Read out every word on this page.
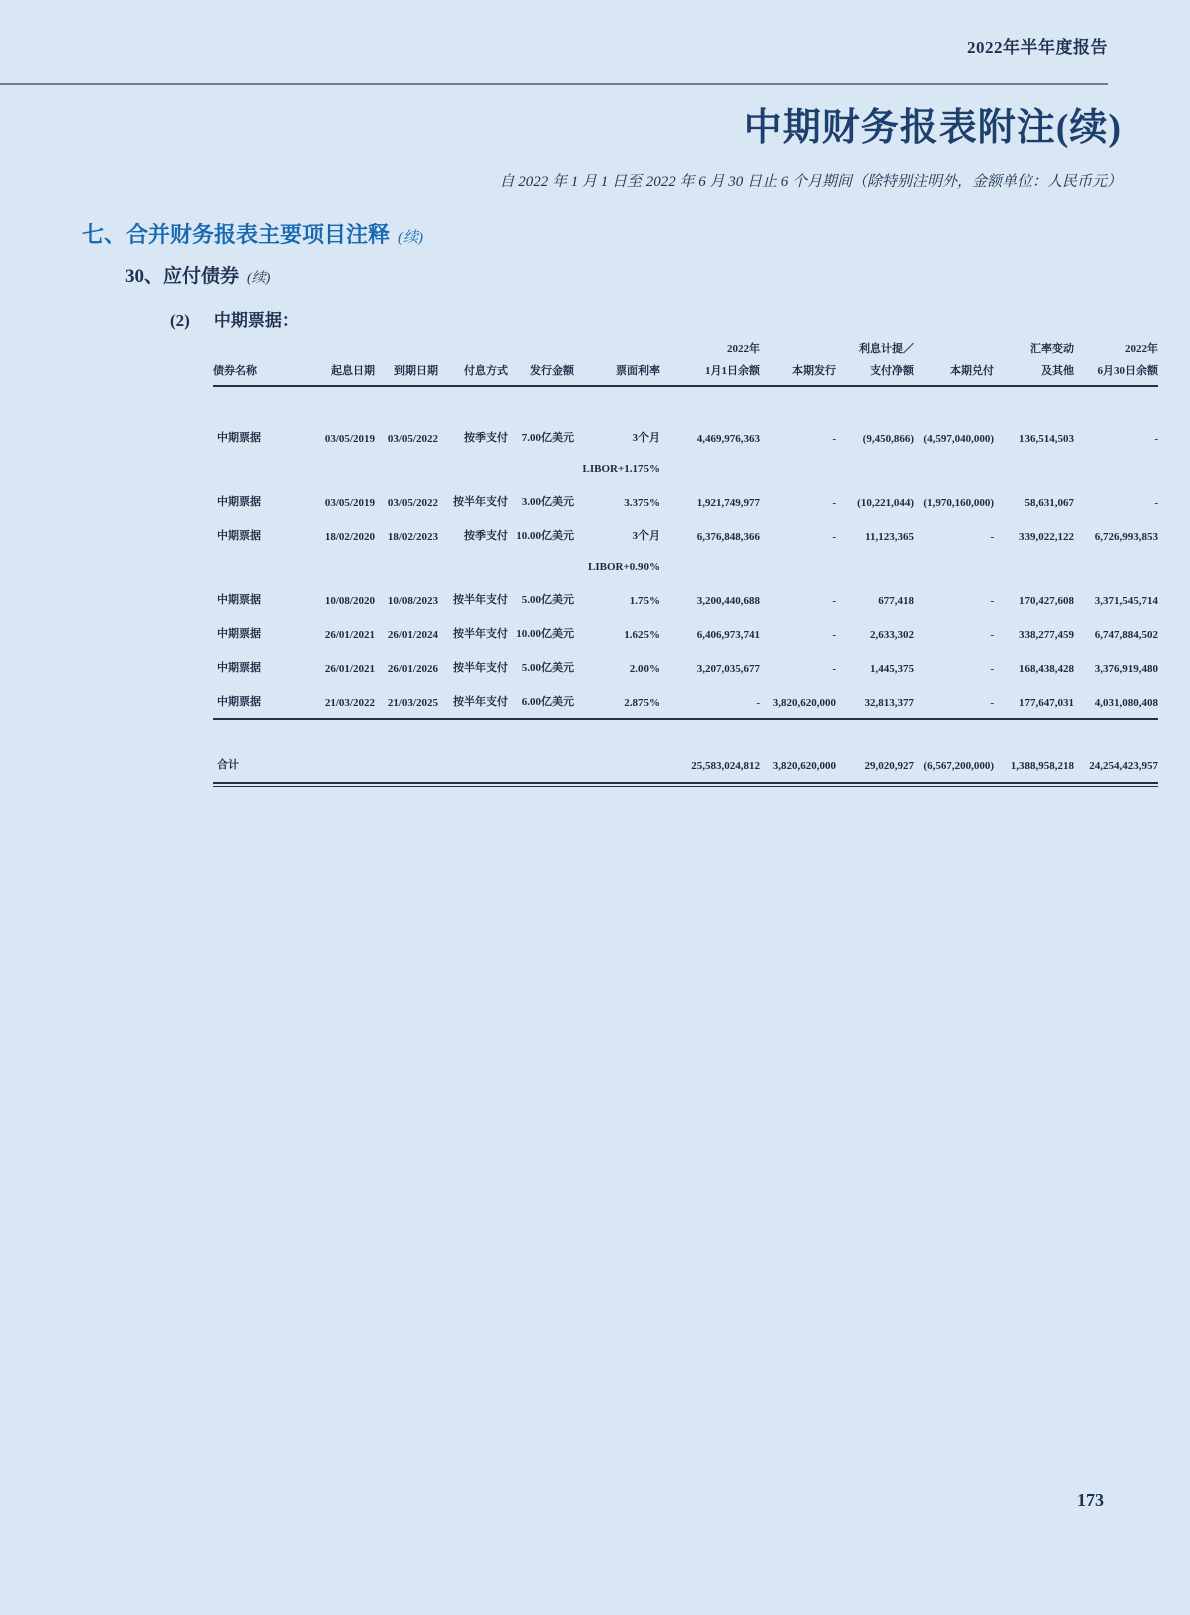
2022年半年度报告
中期财务报表附注(续)
自 2022 年 1 月 1 日至 2022 年 6 月 30 日止 6 个月期间（除特别注明外，金额单位：人民币元）
七、合并财务报表主要项目注释 (续)
30、应付债券 (续)
(2) 中期票据：
						2022年		利息计提／		汇率变动	2022年
债券名称	起息日期	到期日期	付息方式	发行金额	票面利率	1月1日余额	本期发行	支付净额	本期兑付	及其他	6月30日余额
中期票据	03/05/2019	03/05/2022	按季支付	7.00亿美元	3个月	4,469,976,363	-	(9,450,866)	(4,597,040,000)	136,514,503	-
LIBOR+1.175%											
中期票据	03/05/2019	03/05/2022	按半年支付	3.00亿美元	3.375%	1,921,749,977	-	(10,221,044)	(1,970,160,000)	58,631,067	-
中期票据	18/02/2020	18/02/2023	按季支付	10.00亿美元	3个月	6,376,848,366	-	11,123,365	-	339,022,122	6,726,993,853
LIBOR+0.90%											
中期票据	10/08/2020	10/08/2023	按半年支付	5.00亿美元	1.75%	3,200,440,688	-	677,418	-	170,427,608	3,371,545,714
中期票据	26/01/2021	26/01/2024	按半年支付	10.00亿美元	1.625%	6,406,973,741	-	2,633,302	-	338,277,459	6,747,884,502
中期票据	26/01/2021	26/01/2026	按半年支付	5.00亿美元	2.00%	3,207,035,677	-	1,445,375	-	168,438,428	3,376,919,480
中期票据	21/03/2022	21/03/2025	按半年支付	6.00亿美元	2.875%	-	3,820,620,000	32,813,377	-	177,647,031	4,031,080,408

合计						25,583,024,812	3,820,620,000	29,020,927	(6,567,200,000)	1,388,958,218	24,254,423,957

173
